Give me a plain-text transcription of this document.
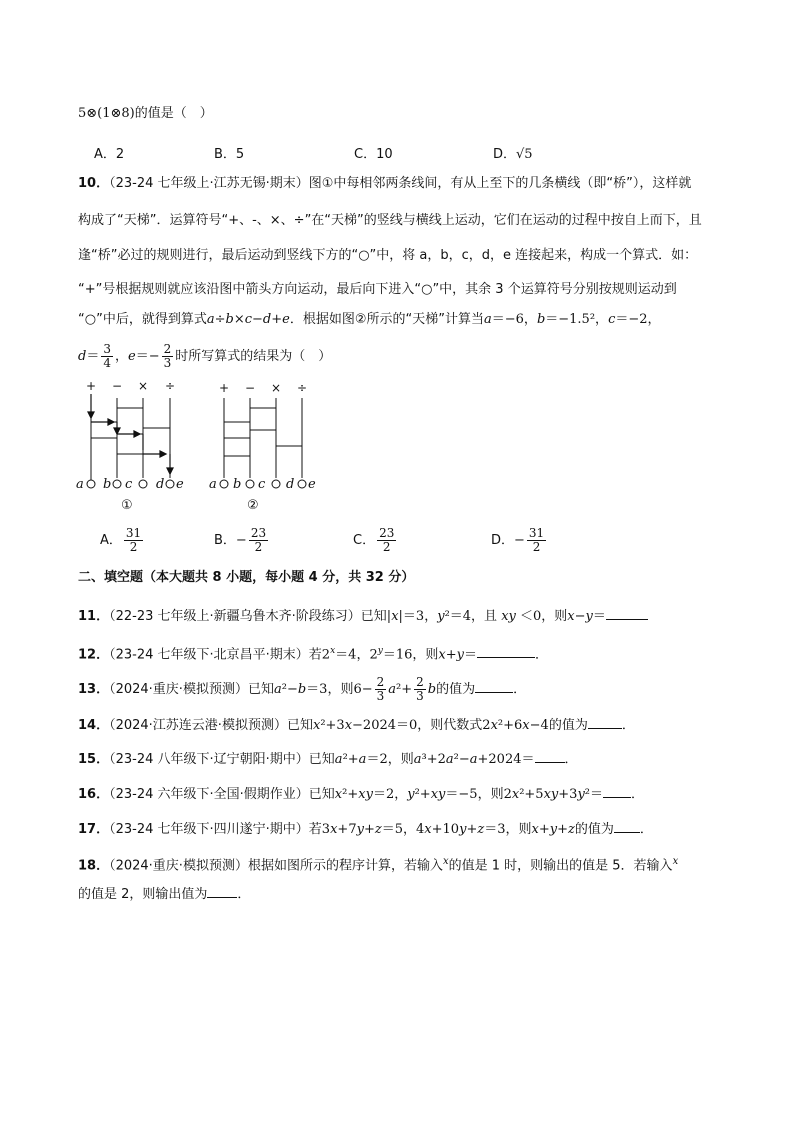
5⊗(1⊗8)的值是（　）
A．2	B．5	C．10	D．√5
10．（23-24 七年级上·江苏无锡·期末）图①中每相邻两条线间，有从上至下的几条横线（即“桥”），这样就
构成了“天梯”．运算符号“+、-、×、÷”在“天梯”的竖线与横线上运动，它们在运动的过程中按自上而下，且
逢“桥”必过的规则进行，最后运动到竖线下方的“○”中，将 a，b，c，d，e 连接起来，构成一个算式．如：
“+”号根据规则就应该沿图中箭头方向运动，最后向下进入“○”中，其余 3 个运算符号分别按规则运动到
“○”中后，就得到算式a÷b×c−d+e．根据如图②所示的“天梯”计算当a＝−6，b＝−1.5²，c＝−2，
$d= \frac{3}{4}$ ，$e=- \frac{2}{3}$ 时所写算式的结果为（　）
+ − × ÷
a b c d e
①
+ − × ÷
a b c d e
②
A． $\frac{31}{2}$	B．− $\frac{23}{2}$	C． $\frac{23}{2}$	D．− $\frac{31}{2}$
二、填空题（本大题共 8 小题，每小题 4 分，共 32 分）
11．（22-23 七年级上·新疆乌鲁木齐·阶段练习）已知|x|＝3，y²＝4，且 xy ＜0，则x−y＝
12．（23-24 七年级下·北京昌平·期末）若$2^x=4$，$2^y=16$，则x+y＝	．
13．（2024·重庆·模拟预测）已知a²−b＝3，则$6- \frac{2}{3} a^2+ \frac{2}{3}$ b的值为	．
14．（2024·江苏连云港·模拟预测）已知x²+3x−2024＝0，则代数式2x²+6x−4的值为	．
15．（23-24 八年级下·辽宁朝阳·期中）已知a²+a＝2，则a³+2a²−a+2024＝ ．
16．（23-24 六年级下·全国·假期作业）已知x²+xy＝2，y²+xy＝−5，则2x²+5xy+3y²＝ ．
17．（23-24 七年级下·四川遂宁·期中）若3x+7y+z＝5，4x+10y+z＝3，则x+y+z的值为 ．
18．（2024·重庆·模拟预测）根据如图所示的程序计算，若输入$^x$的值是 1 时，则输出的值是 5．若输入$^x$
的值是 2，则输出值为 ．
